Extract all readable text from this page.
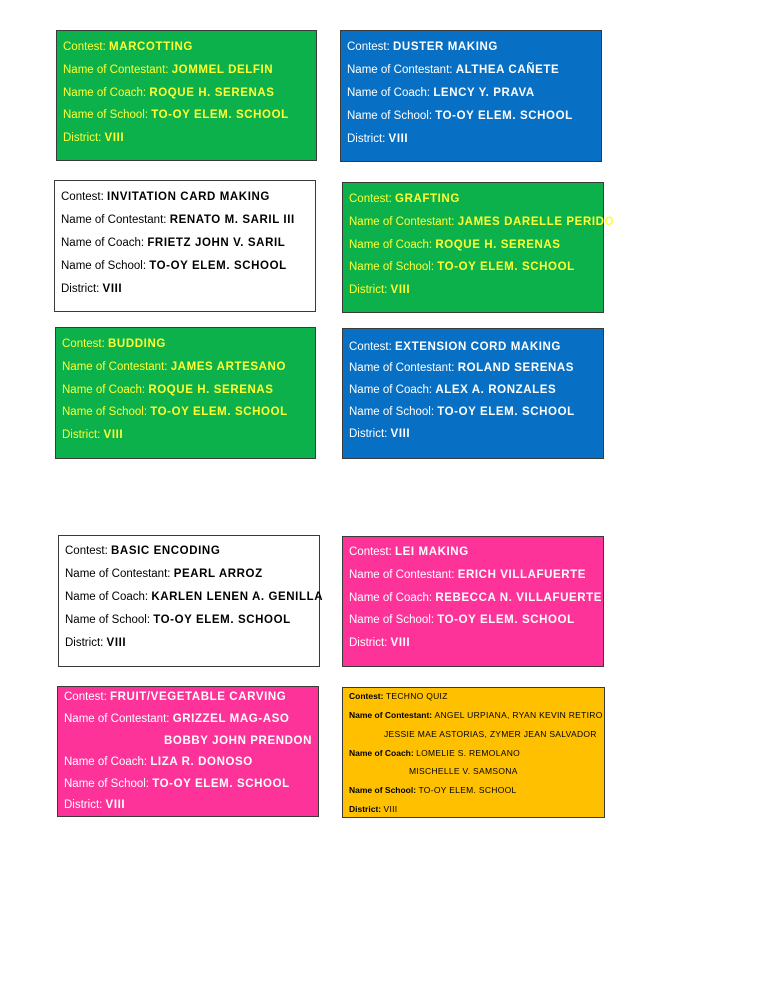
Contest: MARCOTTING
Name of Contestant: JOMMEL DELFIN
Name of Coach: ROQUE H. SERENAS
Name of School: TO-OY ELEM. SCHOOL
District: VIII
Contest: DUSTER MAKING
Name of Contestant: ALTHEA CAÑETE
Name of Coach: LENCY Y. PRAVA
Name of School: TO-OY ELEM. SCHOOL
District: VIII
Contest: INVITATION CARD MAKING
Name of Contestant: RENATO M. SARIL III
Name of Coach: FRIETZ JOHN V. SARIL
Name of School: TO-OY ELEM. SCHOOL
District: VIII
Contest: GRAFTING
Name of Contestant: JAMES DARELLE PERIDO
Name of Coach: ROQUE H. SERENAS
Name of School: TO-OY ELEM. SCHOOL
District: VIII
Contest: BUDDING
Name of Contestant: JAMES ARTESANO
Name of Coach: ROQUE H. SERENAS
Name of School: TO-OY ELEM. SCHOOL
District: VIII
Contest: EXTENSION CORD MAKING
Name of Contestant: ROLAND SERENAS
Name of Coach: ALEX A. RONZALES
Name of School: TO-OY ELEM. SCHOOL
District: VIII
Contest: BASIC ENCODING
Name of Contestant: PEARL ARROZ
Name of Coach: KARLEN LENEN A. GENILLA
Name of School: TO-OY ELEM. SCHOOL
District: VIII
Contest: LEI MAKING
Name of Contestant: ERICH VILLAFUERTE
Name of Coach: REBECCA N. VILLAFUERTE
Name of School: TO-OY ELEM. SCHOOL
District: VIII
Contest: FRUIT/VEGETABLE CARVING
Name of Contestant: GRIZZEL MAG-ASO
BOBBY JOHN PRENDON
Name of Coach: LIZA R. DONOSO
Name of School: TO-OY ELEM. SCHOOL
District: VIII
Contest: TECHNO QUIZ
Name of Contestant: ANGEL URPIANA, RYAN KEVIN RETIRO
JESSIE MAE ASTORIAS, ZYMER JEAN SALVADOR
Name of Coach: LOMELIE S. REMOLANO
MISCHELLE V. SAMSONA
Name of School: TO-OY ELEM. SCHOOL
District: VIII
